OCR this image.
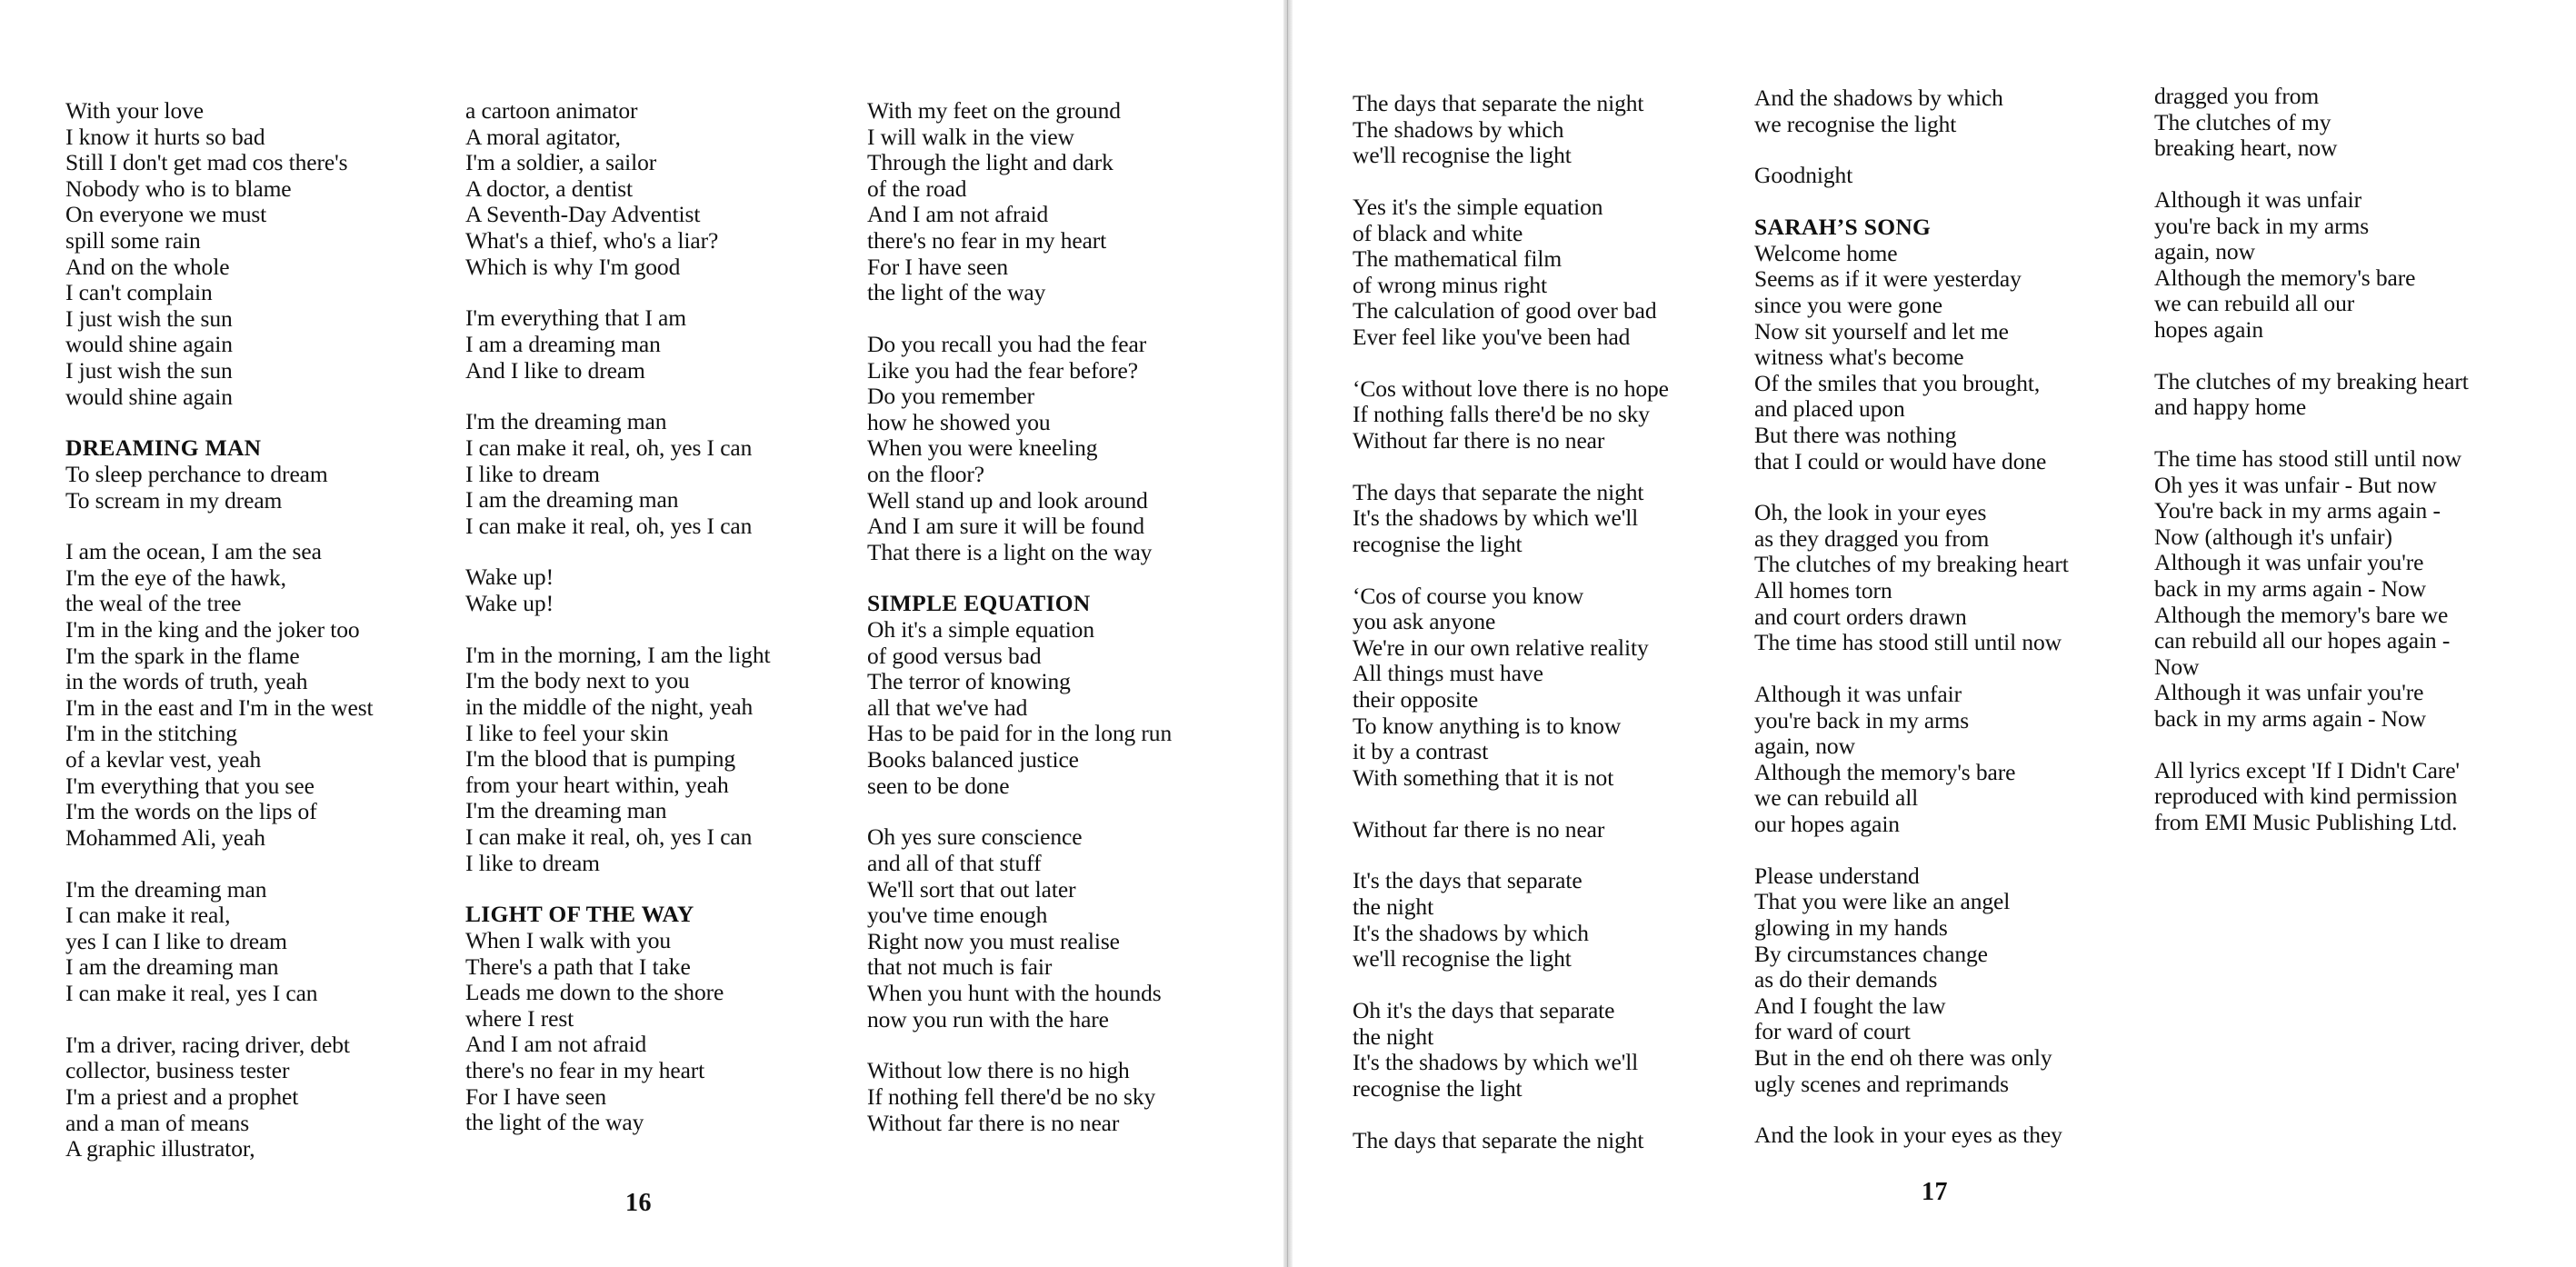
With your love
I know it hurts so bad
Still I don't get mad cos there's
Nobody who is to blame
On everyone we must
spill some rain
And on the whole
I can't complain
I just wish the sun
would shine again
I just wish the sun
would shine again
DREAMING MAN
To sleep perchance to dream
To scream in my dream
I am the ocean, I am the sea
I'm the eye of the hawk,
the weal of the tree
I'm in the king and the joker too
I'm the spark in the flame
in the words of truth, yeah
I'm in the east and I'm in the west
I'm in the stitching
of a kevlar vest, yeah
I'm everything that you see
I'm the words on the lips of
Mohammed Ali, yeah
I'm the dreaming man
I can make it real,
yes I can I like to dream
I am the dreaming man
I can make it real, yes I can
I'm a driver, racing driver, debt
collector, business tester
I'm a priest and a prophet
and a man of means
A graphic illustrator,
a cartoon animator
A moral agitator,
I'm a soldier, a sailor
A doctor, a dentist
A Seventh-Day Adventist
What's a thief, who's a liar?
Which is why I'm good
I'm everything that I am
I am a dreaming man
And I like to dream
I'm the dreaming man
I can make it real, oh, yes I can
I like to dream
I am the dreaming man
I can make it real, oh, yes I can
Wake up!
Wake up!
I'm in the morning, I am the light
I'm the body next to you
in the middle of the night, yeah
I like to feel your skin
I'm the blood that is pumping
from your heart within, yeah
I'm the dreaming man
I can make it real, oh, yes I can
I like to dream
LIGHT OF THE WAY
When I walk with you
There's a path that I take
Leads me down to the shore
where I rest
And I am not afraid
there's no fear in my heart
For I have seen
the light of the way
With my feet on the ground
I will walk in the view
Through the light and dark
of the road
And I am not afraid
there's no fear in my heart
For I have seen
the light of the way
Do you recall you had the fear
Like you had the fear before?
Do you remember
how he showed you
When you were kneeling
on the floor?
Well stand up and look around
And I am sure it will be found
That there is a light on the way
SIMPLE EQUATION
Oh it's a simple equation
of good versus bad
The terror of knowing
all that we've had
Has to be paid for in the long run
Books balanced justice
seen to be done
Oh yes sure conscience
and all of that stuff
We'll sort that out later
you've time enough
Right now you must realise
that not much is fair
When you hunt with the hounds
now you run with the hare
Without low there is no high
If nothing fell there'd be no sky
Without far there is no near
16
The days that separate the night
The shadows by which
we'll recognise the light
Yes it's the simple equation
of black and white
The mathematical film
of wrong minus right
The calculation of good over bad
Ever feel like you've been had
‘Cos without love there is no hope
If nothing falls there'd be no sky
Without far there is no near
The days that separate the night
It's the shadows by which we'll
recognise the light
‘Cos of course you know
you ask anyone
We're in our own relative reality
All things must have
their opposite
To know anything is to know
it by a contrast
With something that it is not
Without far there is no near
It's the days that separate
the night
It's the shadows by which
we'll recognise the light
Oh it's the days that separate
the night
It's the shadows by which we'll
recognise the light
The days that separate the night
And the shadows by which
we recognise the light
Goodnight
SARAH’S SONG
Welcome home
Seems as if it were yesterday
since you were gone
Now sit yourself and let me
witness what's become
Of the smiles that you brought,
and placed upon
But there was nothing
that I could or would have done
Oh, the look in your eyes
as they dragged you from
The clutches of my breaking heart
All homes torn
and court orders drawn
The time has stood still until now
Although it was unfair
you're back in my arms
again, now
Although the memory's bare
we can rebuild all
our hopes again
Please understand
That you were like an angel
glowing in my hands
By circumstances change
as do their demands
And I fought the law
for ward of court
But in the end oh there was only
ugly scenes and reprimands
And the look in your eyes as they
dragged you from
The clutches of my
breaking heart, now
Although it was unfair
you're back in my arms
again, now
Although the memory's bare
we can rebuild all our
hopes again
The clutches of my breaking heart
and happy home
The time has stood still until now
Oh yes it was unfair - But now
You're back in my arms again -
Now (although it's unfair)
Although it was unfair you're
back in my arms again - Now
Although the memory's bare we
can rebuild all our hopes again -
Now
Although it was unfair you're
back in my arms again - Now
All lyrics except 'If I Didn't Care'
reproduced with kind permission
from EMI Music Publishing Ltd.
17
